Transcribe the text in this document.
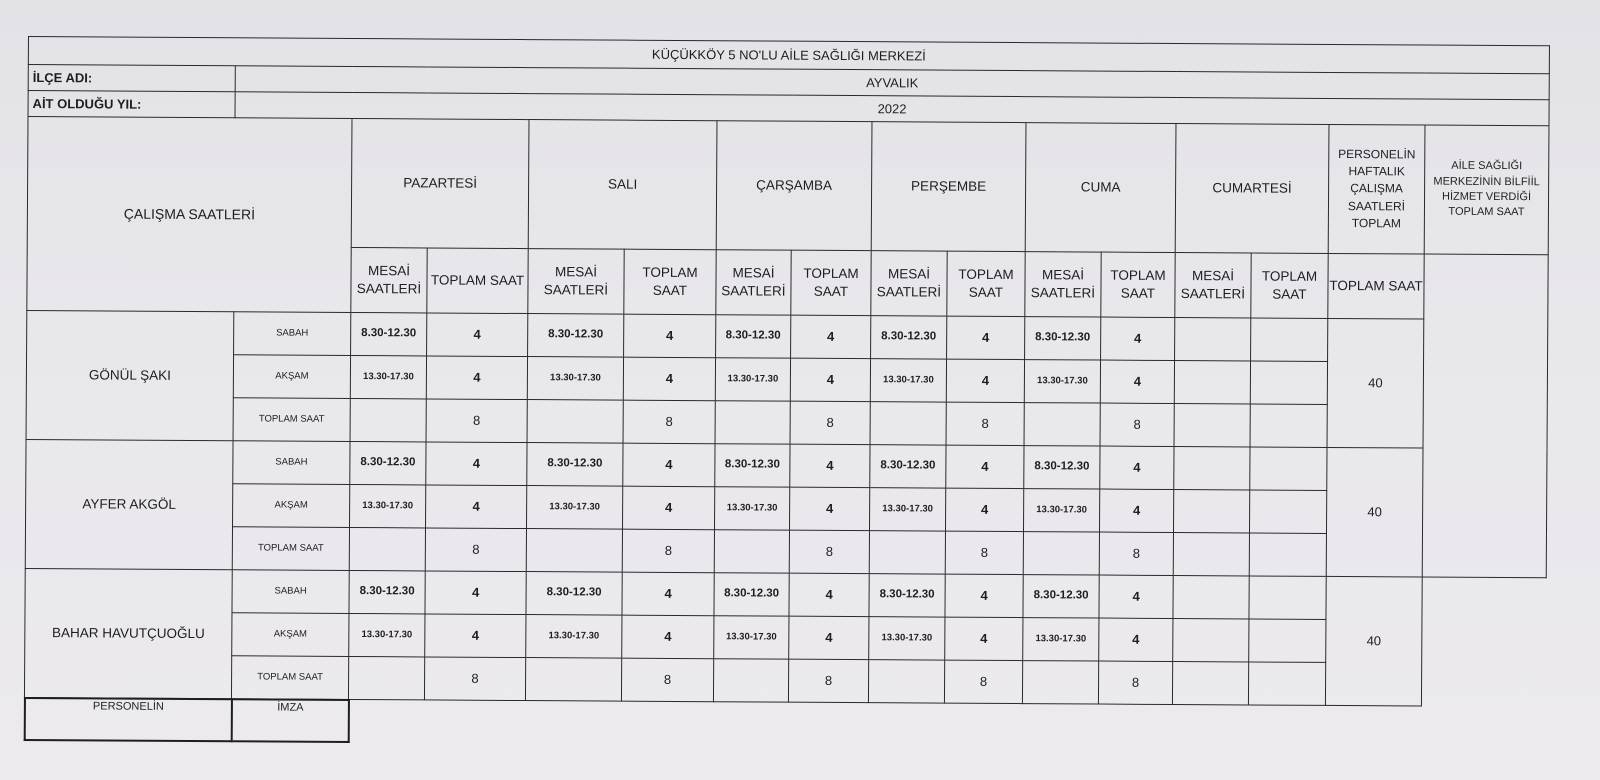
KÜÇÜKKÖY 5 NO'LU AİLE SAĞLIĞI MERKEZİ															
İLÇE ADI:	AYVALIK														
AİT OLDUĞU YIL:	2022														
ÇALIŞMA SAATLERİ		PAZARTESİ		SALI		ÇARŞAMBA		PERŞEMBE		CUMA		CUMARTESİ		PERSONELİN HAFTALIK ÇALIŞMA SAATLERİ TOPLAM	AİLE SAĞLIĞI MERKEZİNİN BİLFİİL HİZMET VERDİĞİ TOPLAM SAAT
		MESAİ SAATLERİ	TOPLAM SAAT	MESAİ SAATLERİ	TOPLAM SAAT	MESAİ SAATLERİ	TOPLAM SAAT	MESAİ SAATLERİ	TOPLAM SAAT	MESAİ SAATLERİ	TOPLAM SAAT	MESAİ SAATLERİ	TOPLAM SAAT	TOPLAM SAAT	
GÖNÜL ŞAKI	SABAH	8.30-12.30	4	8.30-12.30	4	8.30-12.30	4	8.30-12.30	4	8.30-12.30	4			40	
	AKŞAM	13.30-17.30	4	13.30-17.30	4	13.30-17.30	4	13.30-17.30	4	13.30-17.30	4				
	TOPLAM SAAT		8		8		8		8		8				
AYFER AKGÖL	SABAH	8.30-12.30	4	8.30-12.30	4	8.30-12.30	4	8.30-12.30	4	8.30-12.30	4			40	
	AKŞAM	13.30-17.30	4	13.30-17.30	4	13.30-17.30	4	13.30-17.30	4	13.30-17.30	4				
	TOPLAM SAAT		8		8		8		8		8				
BAHAR HAVUTÇUOĞLU	SABAH	8.30-12.30	4	8.30-12.30	4	8.30-12.30	4	8.30-12.30	4	8.30-12.30	4			40	
	AKŞAM	13.30-17.30	4	13.30-17.30	4	13.30-17.30	4	13.30-17.30	4	13.30-17.30	4				
	TOPLAM SAAT		8		8		8		8		8				
PERSONELİN	İMZA
